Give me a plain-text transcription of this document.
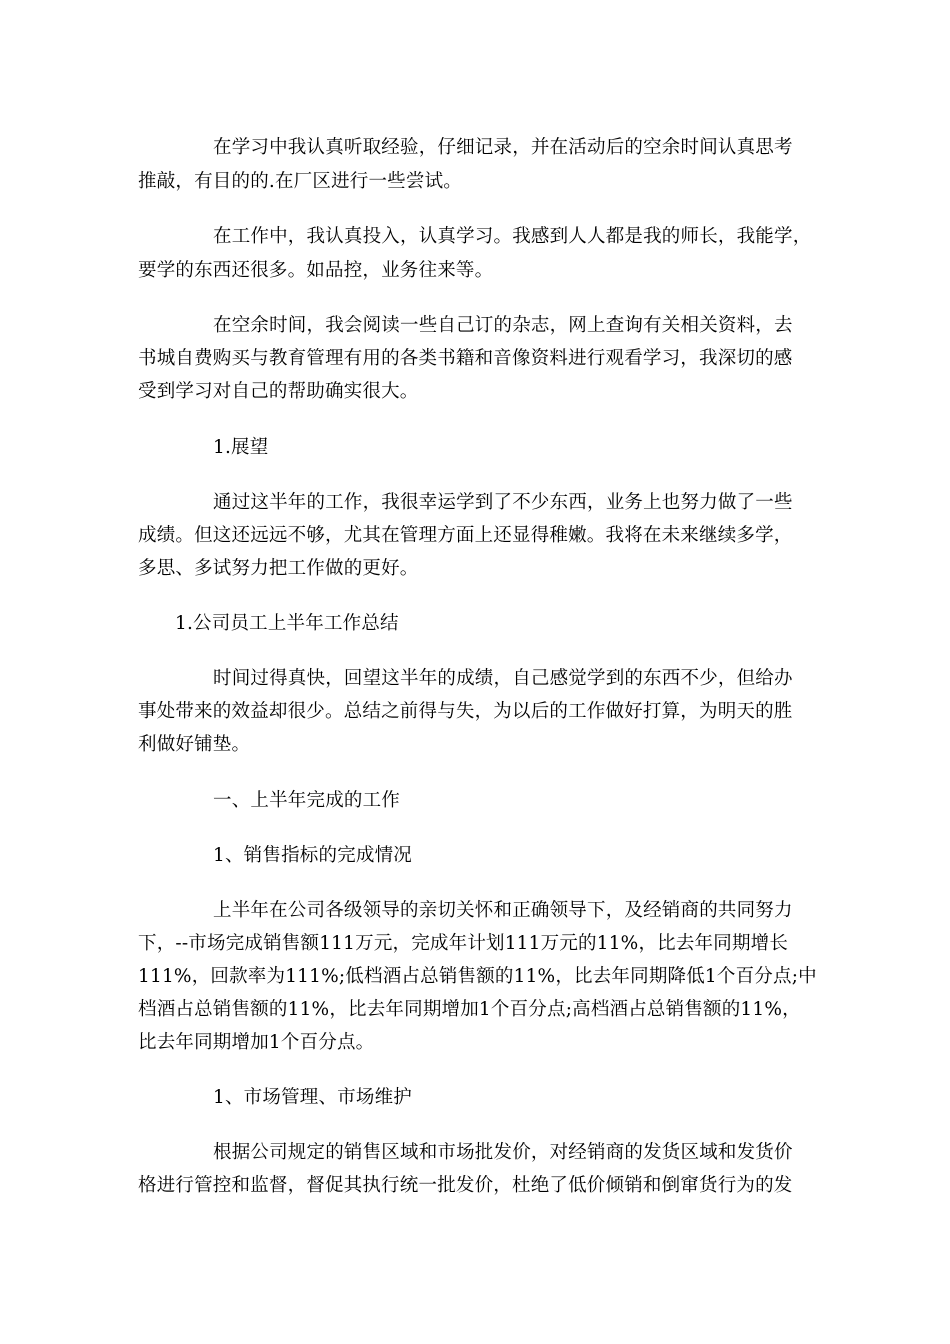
在学习中我认真听取经验，仔细记录，并在活动后的空余时间认真思考
推敲，有目的的.在厂区进行一些尝试。
在工作中，我认真投入，认真学习。我感到人人都是我的师长，我能学，
要学的东西还很多。如品控，业务往来等。
在空余时间，我会阅读一些自己订的杂志，网上查询有关相关资料，去
书城自费购买与教育管理有用的各类书籍和音像资料进行观看学习，我深切的感
受到学习对自己的帮助确实很大。
1.展望
通过这半年的工作，我很幸运学到了不少东西，业务上也努力做了一些
成绩。但这还远远不够，尤其在管理方面上还显得稚嫩。我将在未来继续多学，
多思、多试努力把工作做的更好。
1.公司员工上半年工作总结
时间过得真快，回望这半年的成绩，自己感觉学到的东西不少，但给办
事处带来的效益却很少。总结之前得与失，为以后的工作做好打算，为明天的胜
利做好铺垫。
一、上半年完成的工作
1、销售指标的完成情况
上半年在公司各级领导的亲切关怀和正确领导下，及经销商的共同努力
下，--市场完成销售额111万元，完成年计划111万元的11%，比去年同期增长
111%，回款率为111%;低档酒占总销售额的11%，比去年同期降低1个百分点;中
档酒占总销售额的11%，比去年同期增加1个百分点;高档酒占总销售额的11%，
比去年同期增加1个百分点。
1、市场管理、市场维护
根据公司规定的销售区域和市场批发价，对经销商的发货区域和发货价
格进行管控和监督，督促其执行统一批发价，杜绝了低价倾销和倒窜货行为的发
